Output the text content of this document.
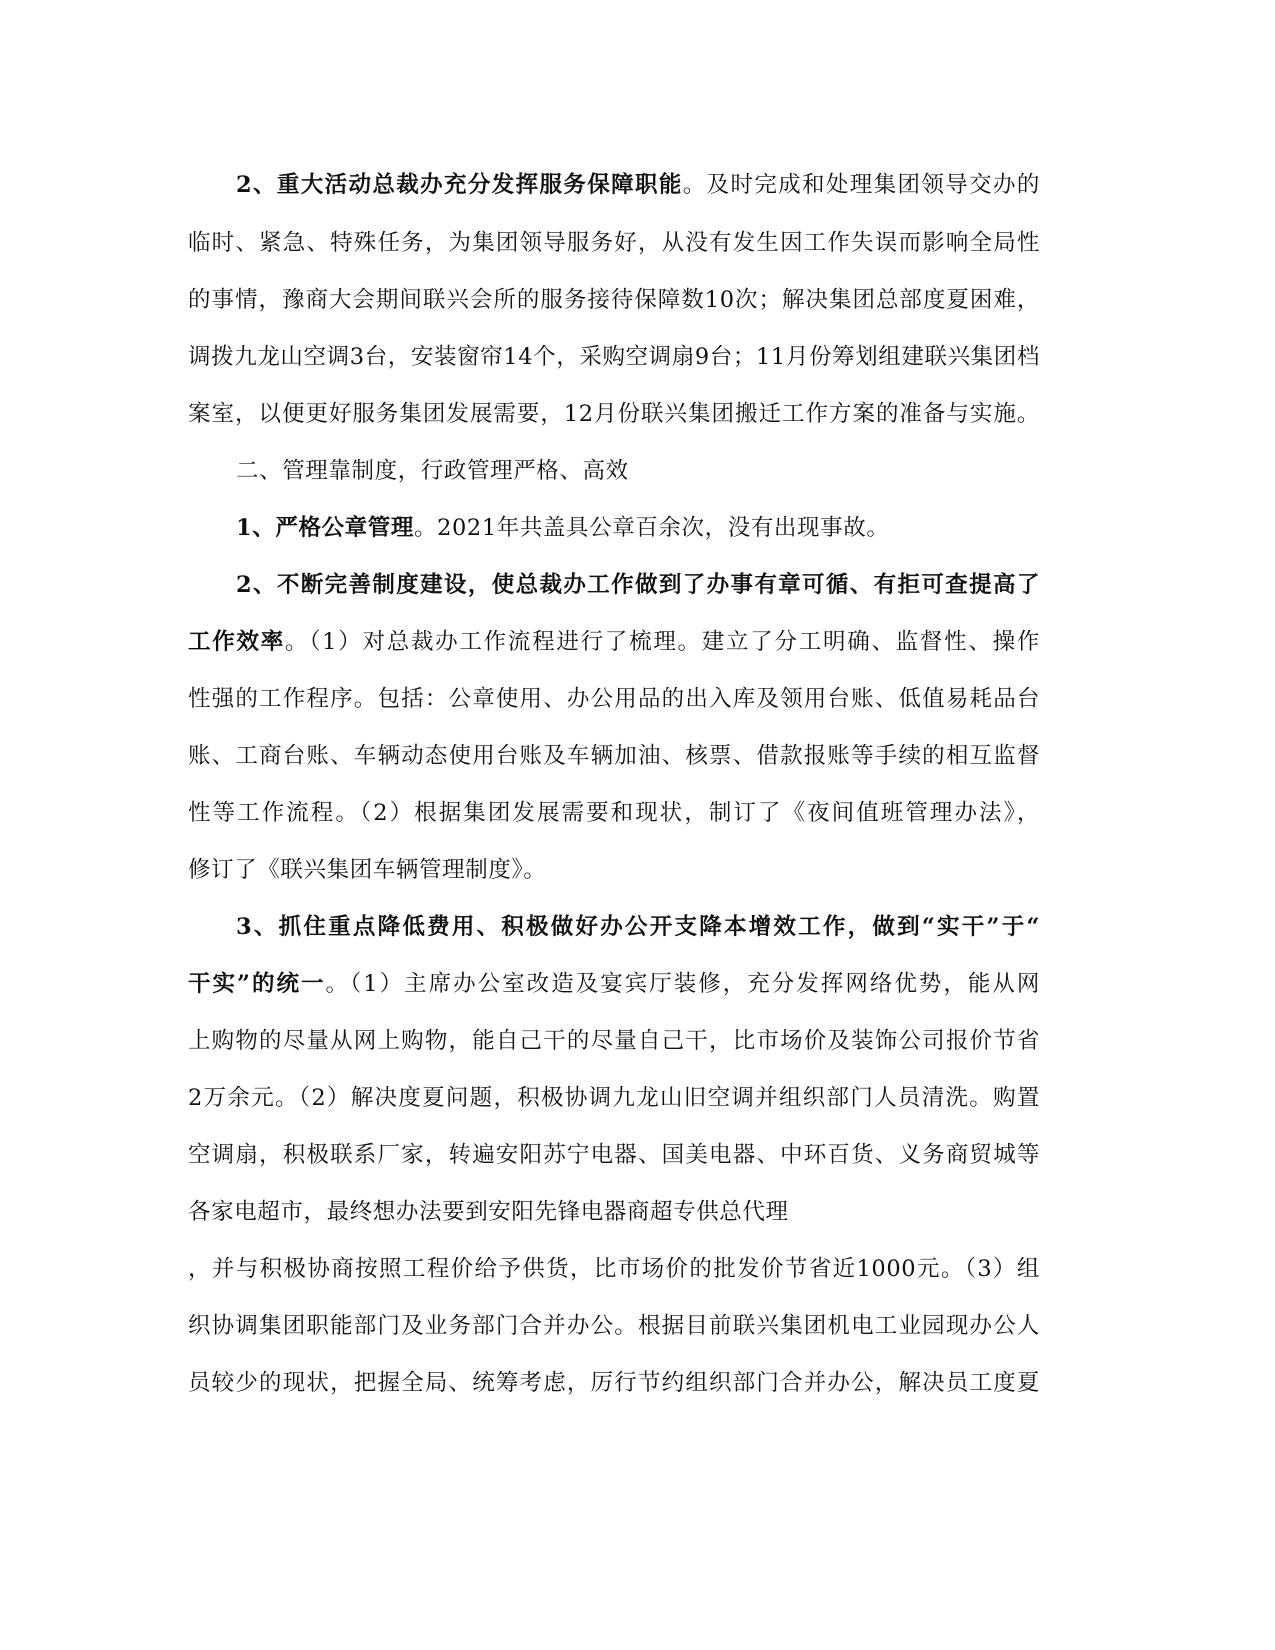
2、重大活动总裁办充分发挥服务保障职能。及时完成和处理集团领导交办的
临时、紧急、特殊任务，为集团领导服务好，从没有发生因工作失误而影响全局性
的事情，豫商大会期间联兴会所的服务接待保障数10次；解决集团总部度夏困难，
调拨九龙山空调3台，安装窗帘14个，采购空调扇9台；11月份筹划组建联兴集团档
案室，以便更好服务集团发展需要，12月份联兴集团搬迁工作方案的准备与实施。
二、管理靠制度，行政管理严格、高效
1、严格公章管理。2021年共盖具公章百余次，没有出现事故。
2、不断完善制度建设，使总裁办工作做到了办事有章可循、有拒可查提高了
工作效率。（1）对总裁办工作流程进行了梳理。建立了分工明确、监督性、操作
性强的工作程序。包括：公章使用、办公用品的出入库及领用台账、低值易耗品台
账、工商台账、车辆动态使用台账及车辆加油、核票、借款报账等手续的相互监督
性等工作流程。（2）根据集团发展需要和现状，制订了《夜间值班管理办法》，
修订了《联兴集团车辆管理制度》。
3、抓住重点降低费用、积极做好办公开支降本增效工作，做到“实干”于“
干实”的统一。（1）主席办公室改造及宴宾厅装修，充分发挥网络优势，能从网
上购物的尽量从网上购物，能自己干的尽量自己干，比市场价及装饰公司报价节省
2万余元。（2）解决度夏问题，积极协调九龙山旧空调并组织部门人员清洗。购置
空调扇，积极联系厂家，转遍安阳苏宁电器、国美电器、中环百货、义务商贸城等
各家电超市，最终想办法要到安阳先锋电器商超专供总代理
，并与积极协商按照工程价给予供货，比市场价的批发价节省近1000元。（3）组
织协调集团职能部门及业务部门合并办公。根据目前联兴集团机电工业园现办公人
员较少的现状，把握全局、统筹考虑，厉行节约组织部门合并办公，解决员工度夏
